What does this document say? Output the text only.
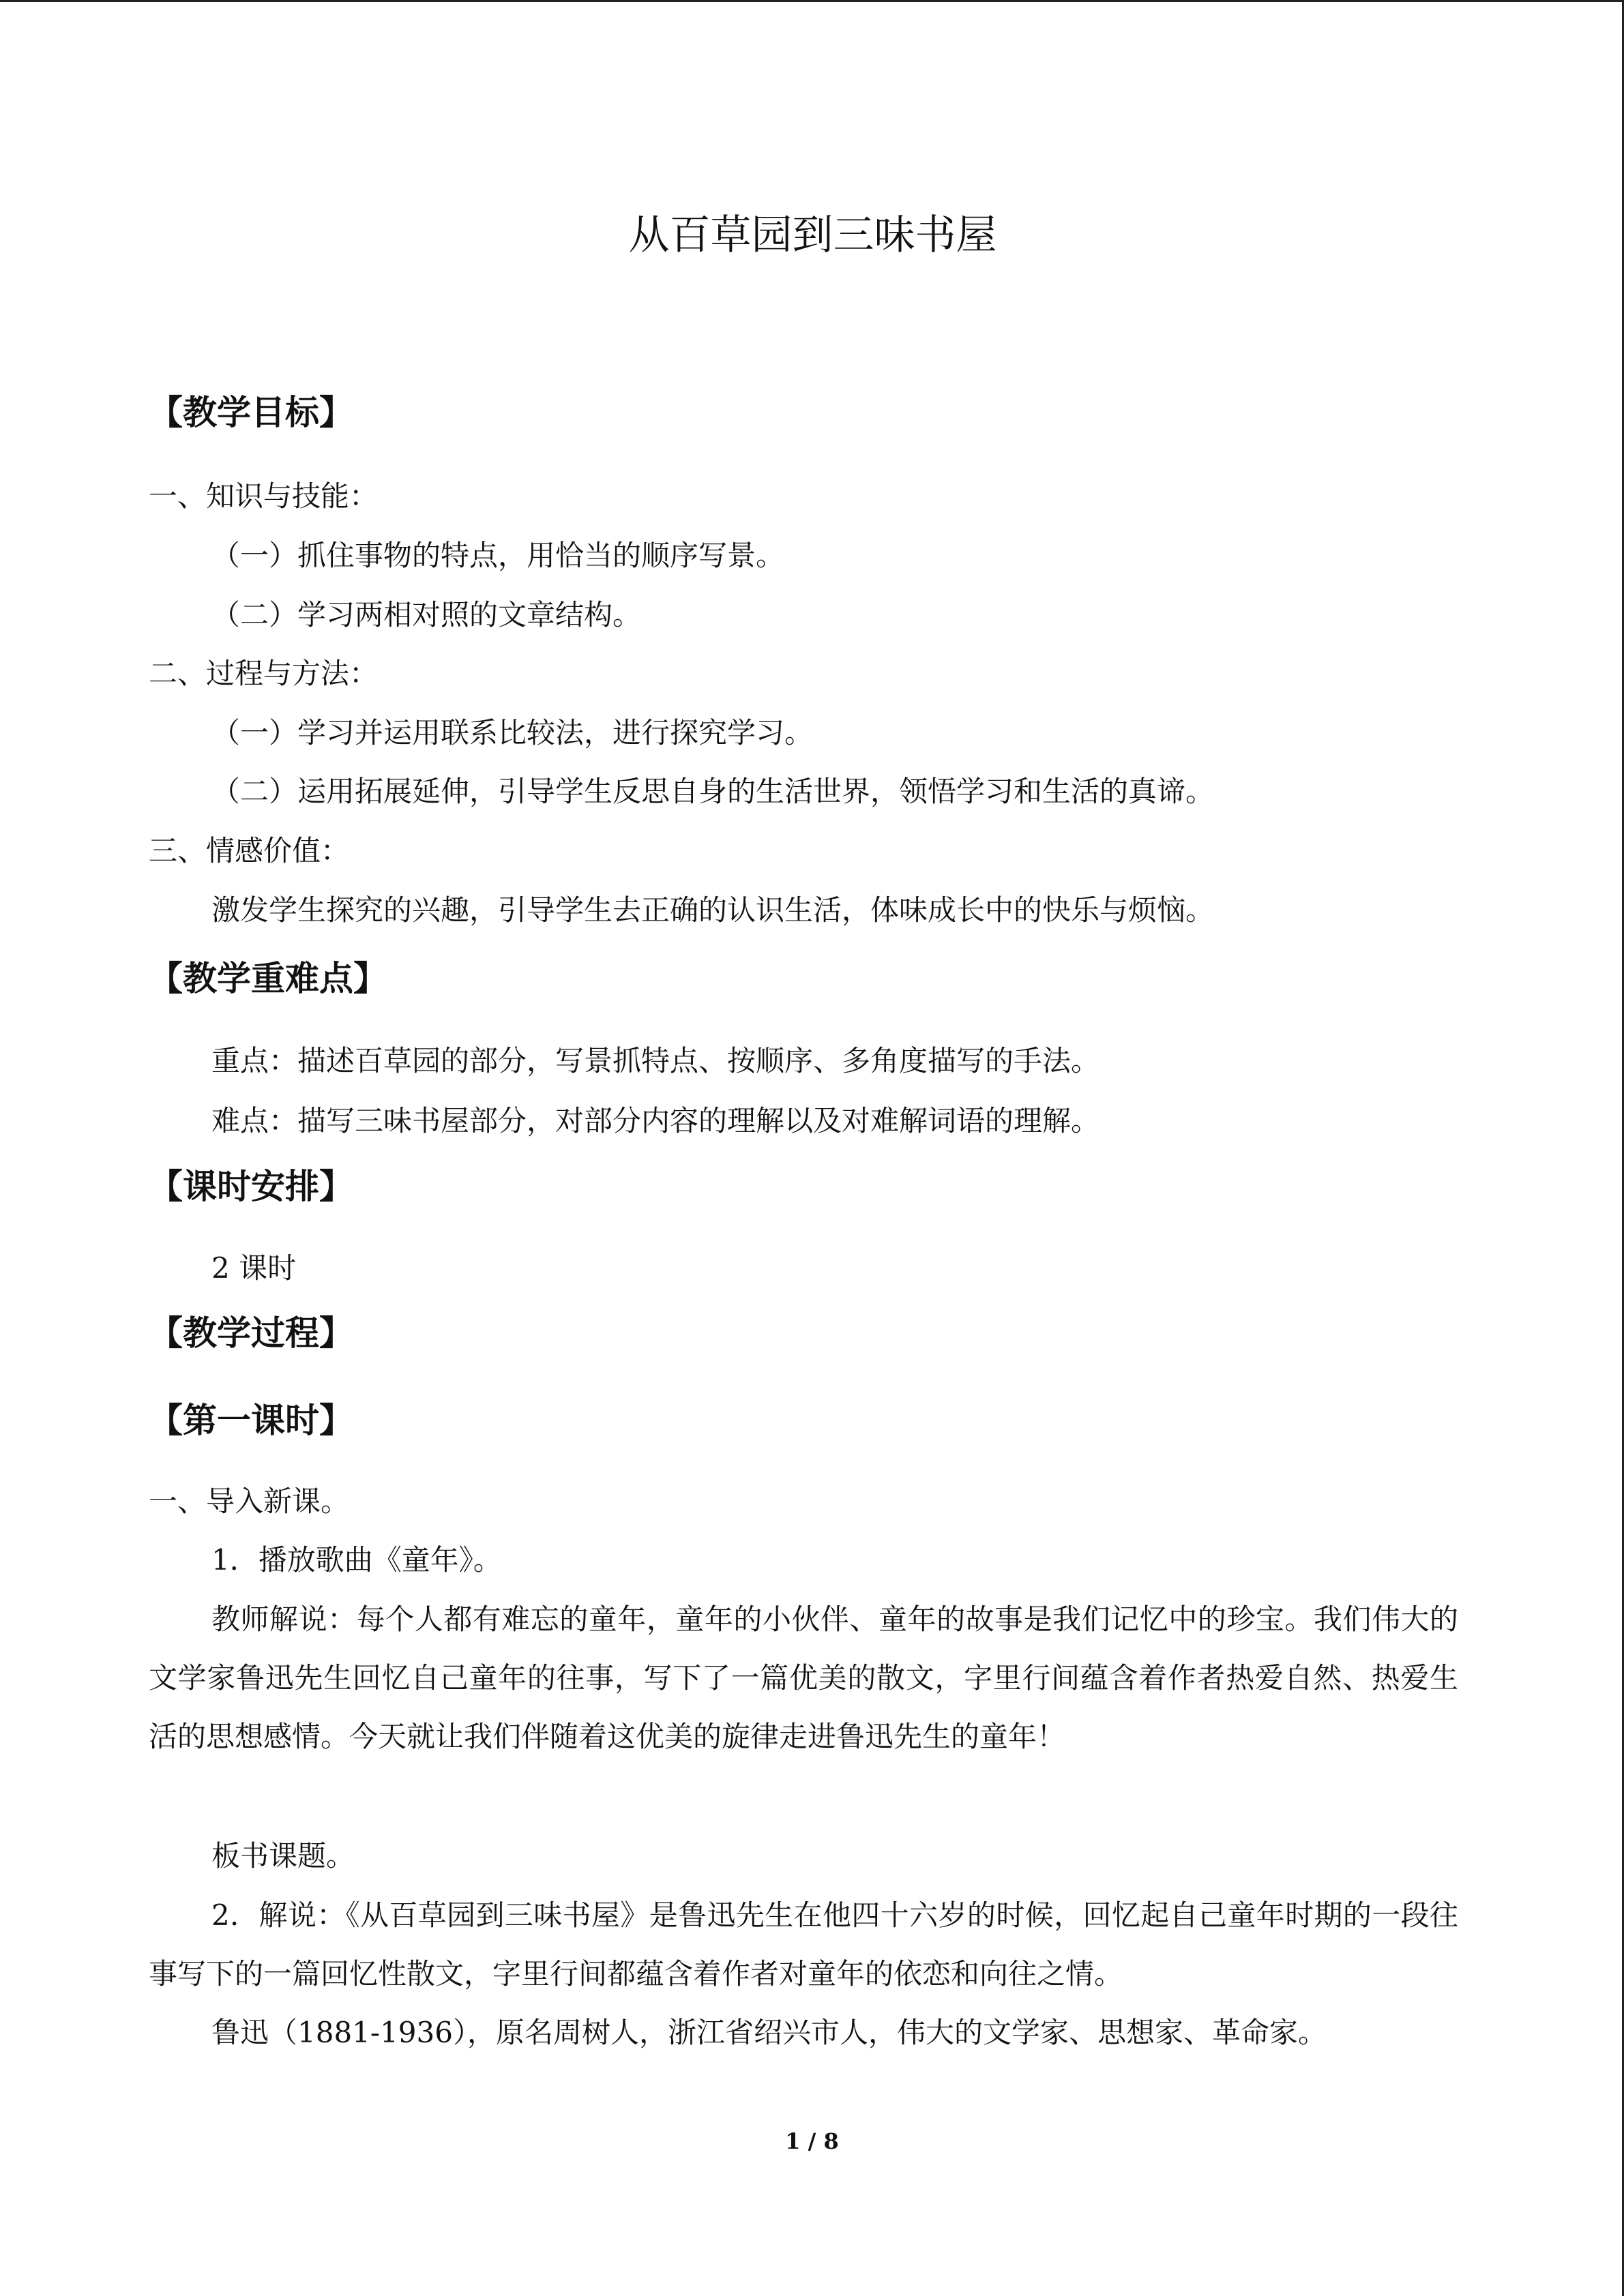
从百草园到三味书屋

【教学目标】

一、知识与技能：

（一）抓住事物的特点，用恰当的顺序写景。

（二）学习两相对照的文章结构。

二、过程与方法：

（一）学习并运用联系比较法，进行探究学习。

（二）运用拓展延伸，引导学生反思自身的生活世界，领悟学习和生活的真谛。

三、情感价值：

激发学生探究的兴趣，引导学生去正确的认识生活，体味成长中的快乐与烦恼。

【教学重难点】

重点：描述百草园的部分，写景抓特点、按顺序、多角度描写的手法。

难点：描写三味书屋部分，对部分内容的理解以及对难解词语的理解。

【课时安排】

2 课时

【教学过程】

【第一课时】

一、导入新课。

1．播放歌曲《童年》。

教师解说：每个人都有难忘的童年，童年的小伙伴、童年的故事是我们记忆中的珍宝。我们伟大的文学家鲁迅先生回忆自己童年的往事，写下了一篇优美的散文，字里行间蕴含着作者热爱自然、热爱生活的思想感情。今天就让我们伴随着这优美的旋律走进鲁迅先生的童年！

板书课题。

2．解说：《从百草园到三味书屋》是鲁迅先生在他四十六岁的时候，回忆起自己童年时期的一段往事写下的一篇回忆性散文，字里行间都蕴含着作者对童年的依恋和向往之情。

鲁迅（1881-1936），原名周树人，浙江省绍兴市人，伟大的文学家、思想家、革命家。

1 / 8
